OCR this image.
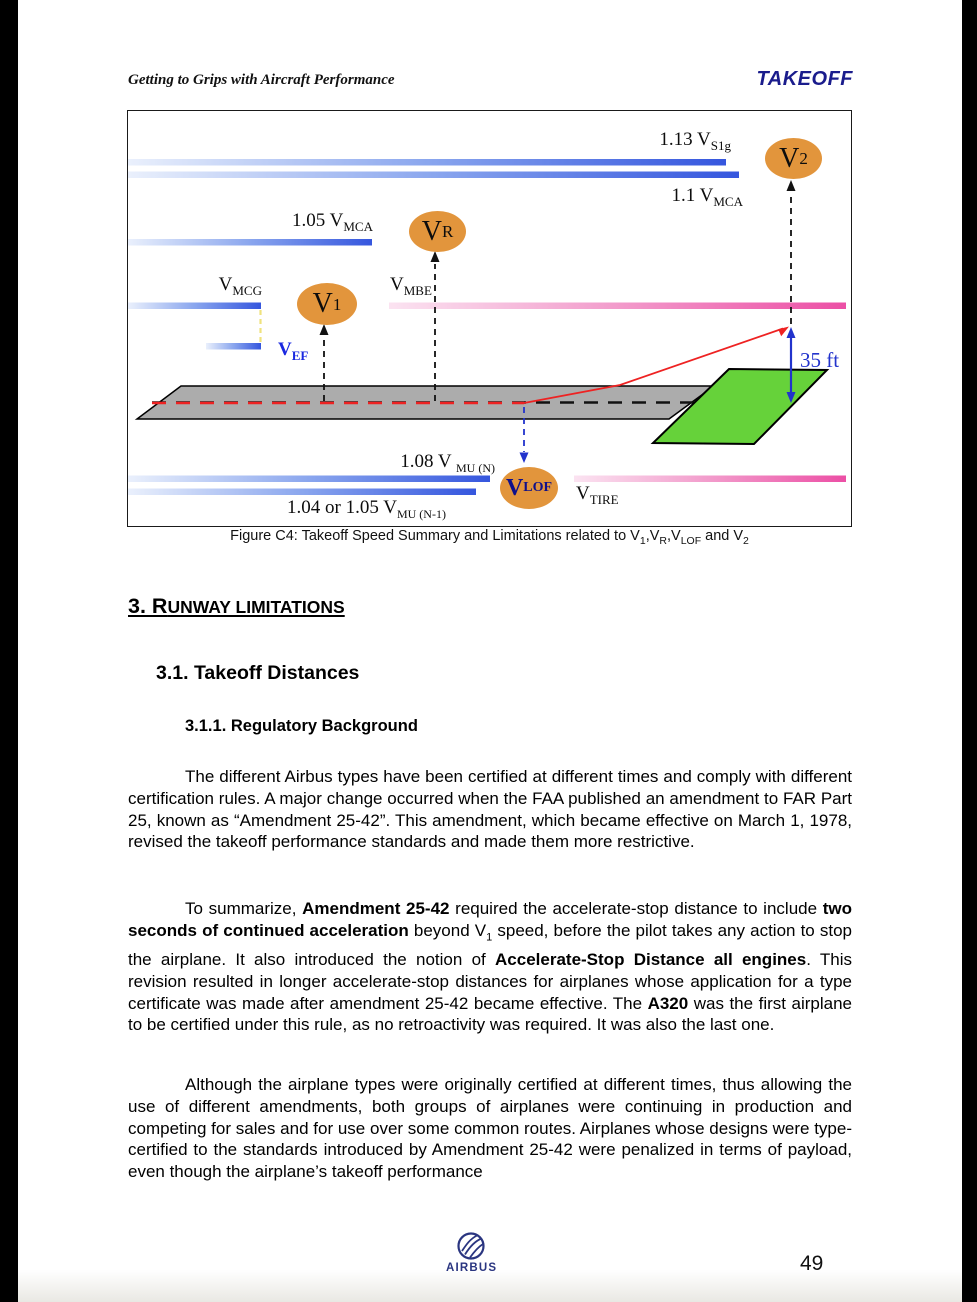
Getting to Grips with Aircraft Performance	TAKEOFF
1.13 $V_{S1g}$
1.1 $V_{MCA}$
1.05 $V_{MCA}$
$V_{MCG}$	$V_{MBE}$
$V_{EF}$	35 ft
1.08 V $_{MU (N)}$
1.04 or 1.05 $V_{MU (N-1)}$
$V_{TIRE}$
V 2
V R
V 1
V LOF
Figure C4: Takeoff Speed Summary and Limitations related to $V_1,V_R,V_{LOF}$ and $V_2$
3. RUNWAY LIMITATIONS
3.1. Takeoff Distances
3.1.1. Regulatory Background
The different Airbus types have been certified at different times and comply with different certification rules. A major change occurred when the FAA published an amendment to FAR Part 25, known as “Amendment 25-42”. This amendment, which became effective on March 1, 1978, revised the takeoff performance standards and made them more restrictive.
To summarize, Amendment 25-42 required the accelerate-stop distance to include two seconds of continued acceleration beyond $V_1$ speed, before the pilot takes any action to stop the airplane. It also introduced the notion of Accelerate-Stop Distance all engines. This revision resulted in longer accelerate-stop distances for airplanes whose application for a type certificate was made after amendment 25-42 became effective. The A320 was the first airplane to be certified under this rule, as no retroactivity was required. It was also the last one.
Although the airplane types were originally certified at different times, thus allowing the use of different amendments, both groups of airplanes were continuing in production and competing for sales and for use over some common routes. Airplanes whose designs were type-certified to the standards introduced by Amendment 25-42 were penalized in terms of payload, even though the airplane’s takeoff performance
AIRBUS	49
